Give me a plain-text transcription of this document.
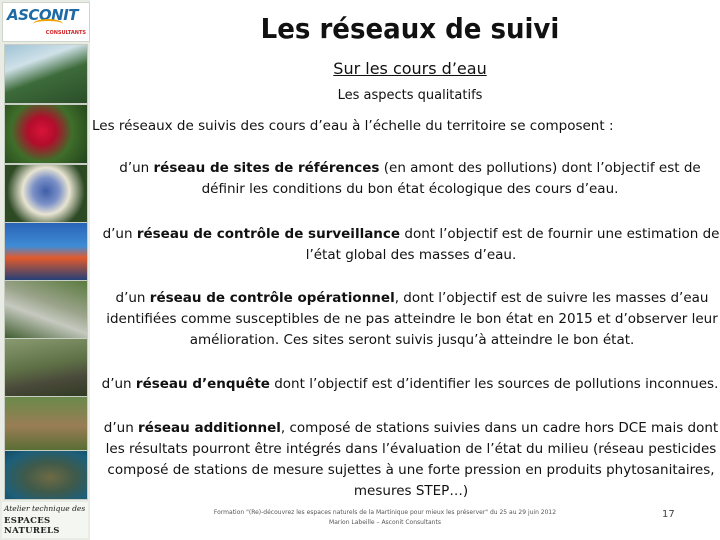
ASCONIT
CONSULTANTS
Atelier technique des
ESPACES NATURELS
Les réseaux de suivi
Sur les cours d’eau
Les aspects qualitatifs
Les réseaux de suivis des cours d’eau à l’échelle du territoire se composent :
d’un réseau de sites de références (en amont des pollutions) dont l’objectif est de définir les conditions du bon état écologique des cours d’eau.
d’un réseau de contrôle de surveillance dont l’objectif est de fournir une estimation de l’état global des masses d’eau.
d’un réseau de contrôle opérationnel, dont l’objectif est de suivre les masses d’eau identifiées comme susceptibles de ne pas atteindre le bon état en 2015 et d’observer leur amélioration. Ces sites seront suivis jusqu’à atteindre le bon état.
d’un réseau d’enquête dont l’objectif est d’identifier les sources de pollutions inconnues.
d’un réseau additionnel, composé de stations suivies dans un cadre hors DCE mais dont les résultats pourront être intégrés dans l’évaluation de l’état du milieu (réseau pesticides composé de stations de mesure sujettes à une forte pression en produits phytosanitaires, mesures STEP…)
Formation "(Re)-découvrez les espaces naturels de la Martinique pour mieux les préserver" du 25 au 29 juin 2012
Marion Labeille – Asconit Consultants
17
